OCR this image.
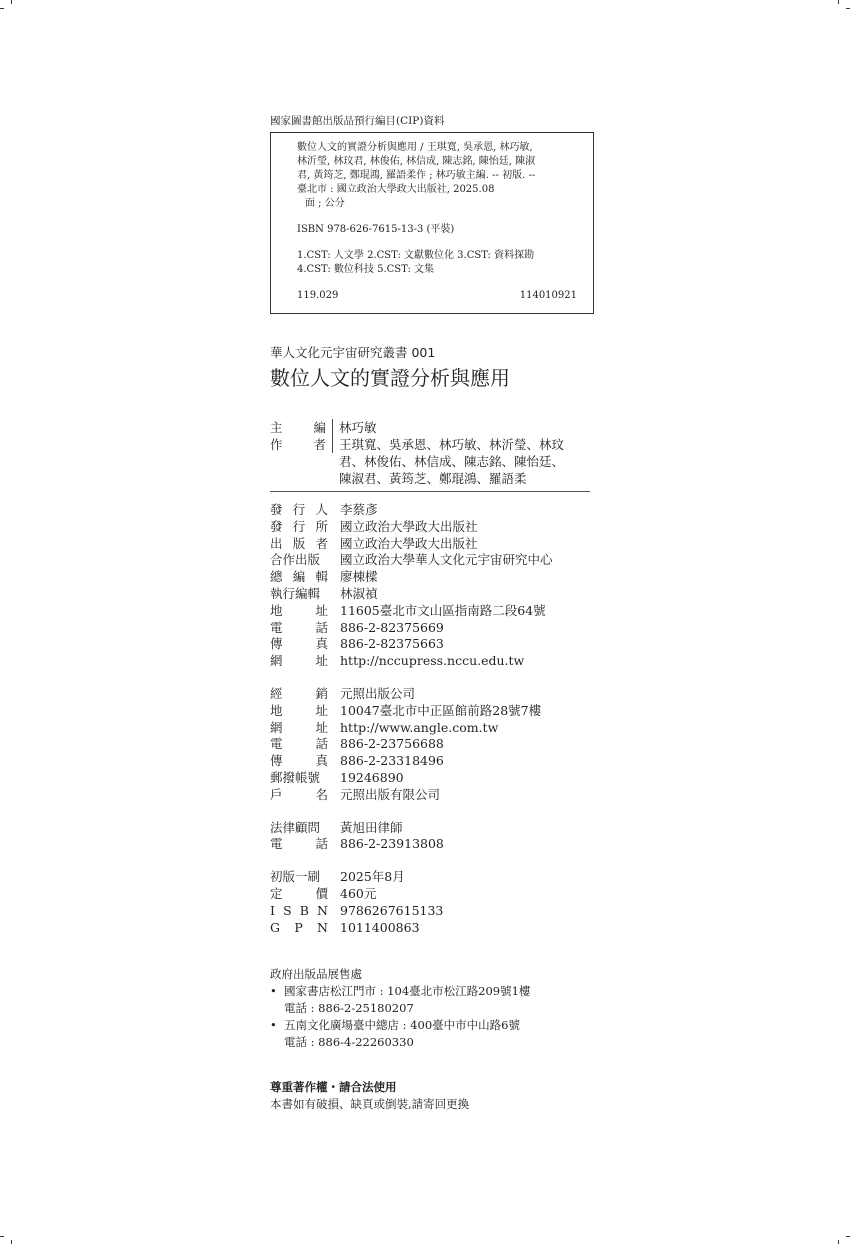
國家圖書館出版品預行編目(CIP)資料
數位人文的實證分析與應用 / 王琪寬, 吳承恩, 林巧敏,
林沂瑩, 林玟君, 林俊佑, 林信成, 陳志銘, 陳怡廷, 陳淑
君, 黃筠芝, 鄭琨鴻, 羅語柔作 ; 林巧敏主編. -- 初版. --
臺北市 : 國立政治大學政大出版社, 2025.08
面 ; 公分
ISBN 978-626-7615-13-3 (平裝)
1.CST: 人文學 2.CST: 文獻數位化 3.CST: 資料探勘
4.CST: 數位科技 5.CST: 文集
119.029	114010921
華人文化元宇宙研究叢書 001
數位人文的實證分析與應用
主 編 林巧敏
作 者 王琪寬、吳承恩、林巧敏、林沂瑩、林玟
君、林俊佑、林信成、陳志銘、陳怡廷、
陳淑君、黃筠芝、鄭琨鴻、羅語柔
發 行 人 李蔡彥
發 行 所 國立政治大學政大出版社
出 版 者 國立政治大學政大出版社
合作出版 國立政治大學華人文化元宇宙研究中心
總 編 輯 廖棟樑
執行編輯 林淑禎
地	址 11605臺北市文山區指南路二段64號
電	話 886-2-82375669
傳	真 886-2-82375663
網	址 http://nccupress.nccu.edu.tw
經	銷 元照出版公司
地	址 10047臺北市中正區館前路28號7樓
網	址 http://www.angle.com.tw
電	話 886-2-23756688
傳	真 886-2-23318496
郵撥帳號 19246890
戶	名 元照出版有限公司
法律顧問 黃旭田律師
電	話 886-2-23913808
初版一刷 2025年8月
定	價 460元
I S B N 9786267615133
G P N 1011400863
政府出版品展售處
• 國家書店松江門市 : 104臺北市松江路209號1樓
電話 : 886-2-25180207
• 五南文化廣場臺中總店 : 400臺中市中山路6號
電話 : 886-4-22260330
尊重著作權・請合法使用
本書如有破損、缺頁或倒裝,請寄回更換
